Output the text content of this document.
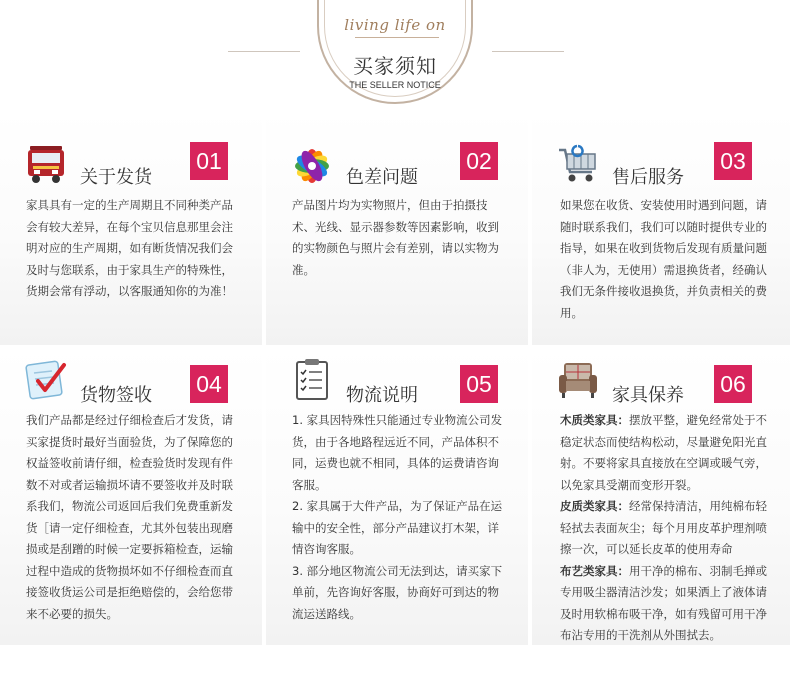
living life on
买家须知
THE SELLER NOTICE
关于发货
01

家具具有一定的生产周期且不同种类产品会有较大差异，在每个宝贝信息那里会注明对应的生产周期，如有断货情况我们会及时与您联系，由于家具生产的特殊性，货期会常有浮动，以客服通知你的为准！

色差问题
02

产品图片均为实物照片，但由于拍摄技术、光线、显示器参数等因素影响，收到的实物颜色与照片会有差别，请以实物为准。

售后服务
03

如果您在收货、安装使用时遇到问题，请随时联系我们，我们可以随时提供专业的指导，如果在收到货物后发现有质量问题（非人为，无使用）需退换货者，经确认我们无条件接收退换货，并负责相关的费用。

货物签收 04

我们产品都是经过仔细检查后才发货，请买家提货时最好当面验货，为了保障您的权益签收前请仔细，检查验货时发现有件数不对或者运输损坏请不要签收并及时联系我们，物流公司返回后我们免费重新发货［请一定仔细检查，尤其外包装出现磨损或是刮蹭的时候一定要拆箱检查，运输过程中造成的货物损坏如不仔细检查而直接签收货运公司是拒绝赔偿的，会给您带来不必要的损失。

物流说明 05

1. 家具因特殊性只能通过专业物流公司发货，由于各地路程远近不同，产品体积不同，运费也就不相同，具体的运费请咨询客服。

2. 家具属于大件产品，为了保证产品在运输中的安全性，部分产品建议打木架，详情咨询客服。

3. 部分地区物流公司无法到达，请买家下单前，先咨询好客服，协商好可到达的物流运送路线。

家具保养 06

木质类家具：摆放平整，避免经常处于不稳定状态而使结构松动，尽量避免阳光直射。不要将家具直接放在空调或暖气旁，以免家具受潮而变形开裂。

皮质类家具：经常保持清洁，用纯棉布轻轻拭去表面灰尘；每个月用皮革护理剂喷擦一次，可以延长皮革的使用寿命

布艺类家具：用干净的棉布、羽制毛掸或专用吸尘器清洁沙发；如果洒上了液体请及时用软棉布吸干净，如有残留可用干净布沾专用的干洗剂从外围拭去。
